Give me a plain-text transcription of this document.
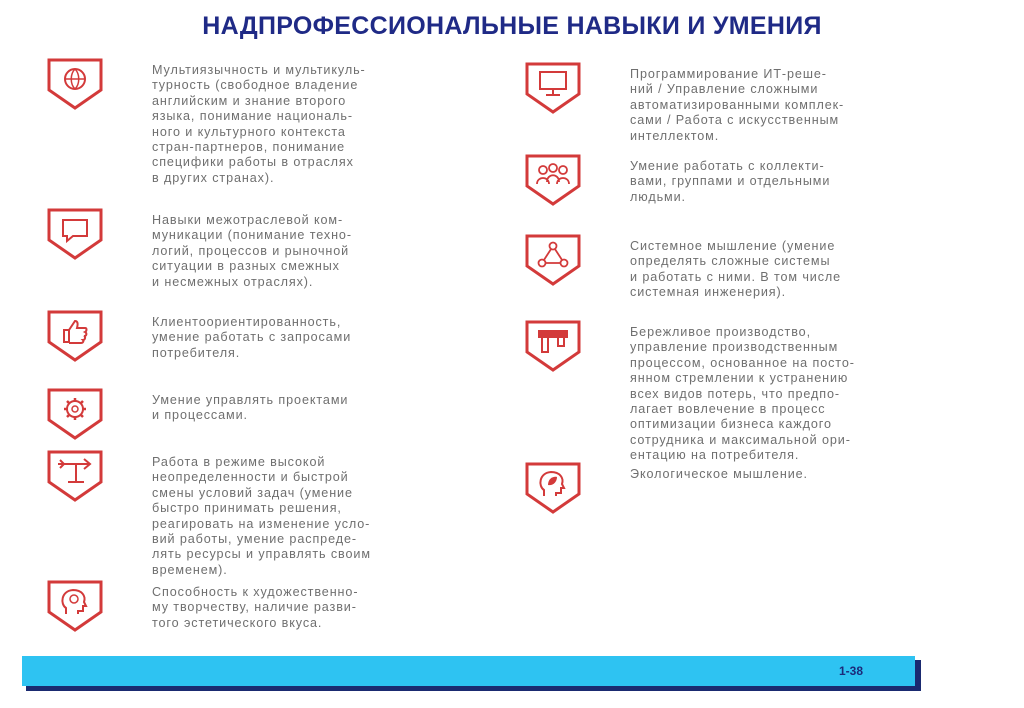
НАДПРОФЕССИОНАЛЬНЫЕ НАВЫКИ И УМЕНИЯ
Мультиязычность и мультикуль-
турность (свободное владение
английским и знание второго
языка, понимание националь-
ного и культурного контекста
стран-партнеров, понимание
специфики работы в отраслях
в других странах).
Навыки межотраслевой ком-
муникации (понимание техно-
логий, процессов и рыночной
ситуации в разных смежных
и несмежных отраслях).
Клиентоориентированность,
умение работать с запросами
потребителя.
Умение управлять проектами
и процессами.
Работа в режиме высокой
неопределенности и быстрой
смены условий задач (умение
быстро принимать решения,
реагировать на изменение усло-
вий работы, умение распреде-
лять ресурсы и управлять своим
временем).
Способность к художественно-
му творчеству, наличие разви-
того эстетического вкуса.
Программирование ИТ-реше-
ний / Управление сложными
автоматизированными комплек-
сами / Работа с искусственным
интеллектом.
Умение работать с коллекти-
вами, группами и отдельными
людьми.
Системное мышление (умение
определять сложные системы
и работать с ними. В том числе
системная инженерия).
Бережливое производство,
управление производственным
процессом, основанное на посто-
янном стремлении к устранению
всех видов потерь, что предпо-
лагает вовлечение в процесс
оптимизации бизнеса каждого
сотрудника и максимальной ори-
ентацию на потребителя.
Экологическое мышление.
1-38
